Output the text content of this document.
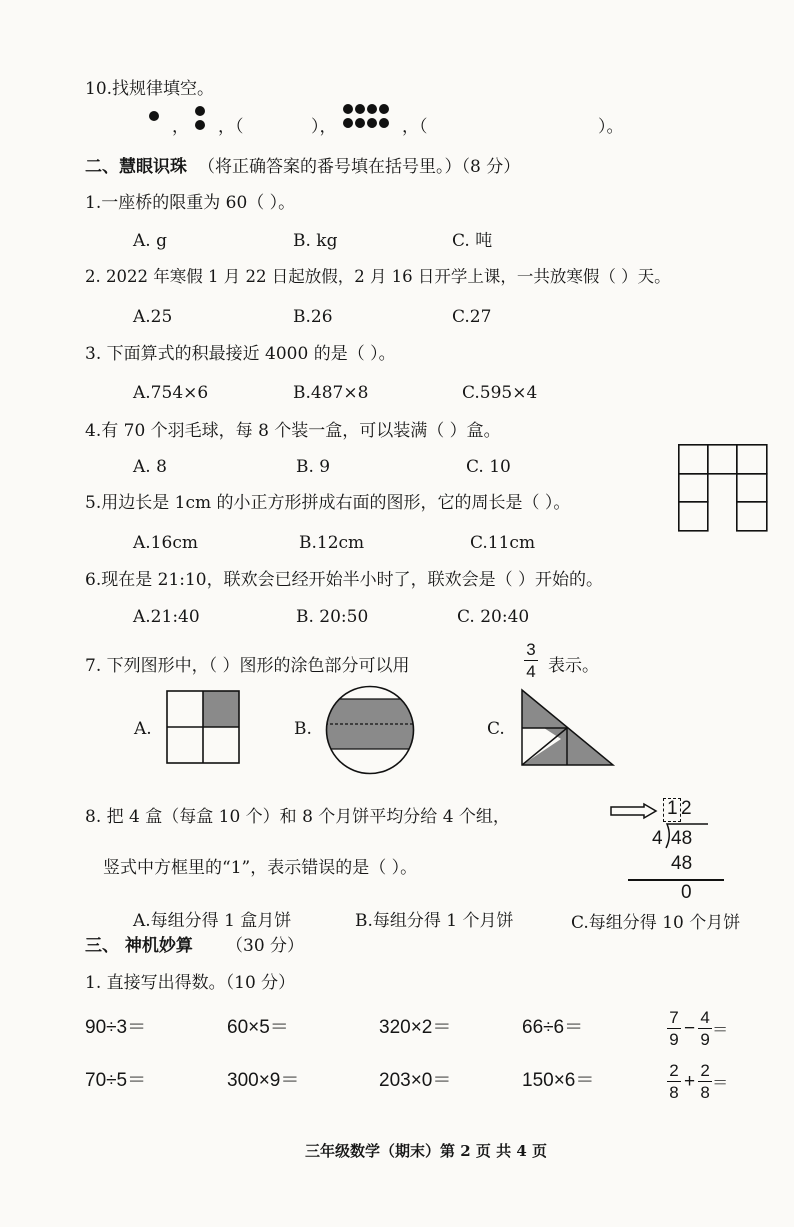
10.找规律填空。
， ，（	），	，（	）。
二、慧眼识珠 （将正确答案的番号填在括号里。）（8 分）
1.一座桥的限重为 60（ ）。
A. g	B. kg	C. 吨
2. 2022 年寒假 1 月 22 日起放假，2 月 16 日开学上课，一共放寒假（ ）天。
A.25	B.26	C.27
3. 下面算式的积最接近 4000 的是（ ）。
A.754×6	B.487×8	C.595×4
4.有 70 个羽毛球，每 8 个装一盒，可以装满（ ）盒。
A. 8	B. 9	C. 10
5.用边长是 1cm 的小正方形拼成右面的图形，它的周长是（ ）。
A.16cm	B.12cm	C.11cm
6.现在是 21:10，联欢会已经开始半小时了，联欢会是（ ）开始的。
A.21:40	B. 20:50	C. 20:40
7. 下列图形中，（ ）图形的涂色部分可以用
3
4 表示。
A.	B.	C.
8. 把 4 盒（每盒 10 个）和 8 个月饼平均分给 4 个组，
竖式中方框里的“1”，表示错误的是（ ）。
1 2
4 48
48
0
A.每组分得 1 盒月饼	B.每组分得 1 个月饼	C.每组分得 10 个月饼
三、 神机妙算 （30 分）
1. 直接写出得数。（10 分）
90÷3＝	60×5＝	320×2＝	66÷6＝	$\frac{7}{9} - \frac{4}{9}$ ＝
70÷5＝	300×9＝	203×0＝	150×6＝	$\frac{2}{8} + \frac{2}{8}$ ＝
三年级数学（期末）第 2 页 共 4 页
